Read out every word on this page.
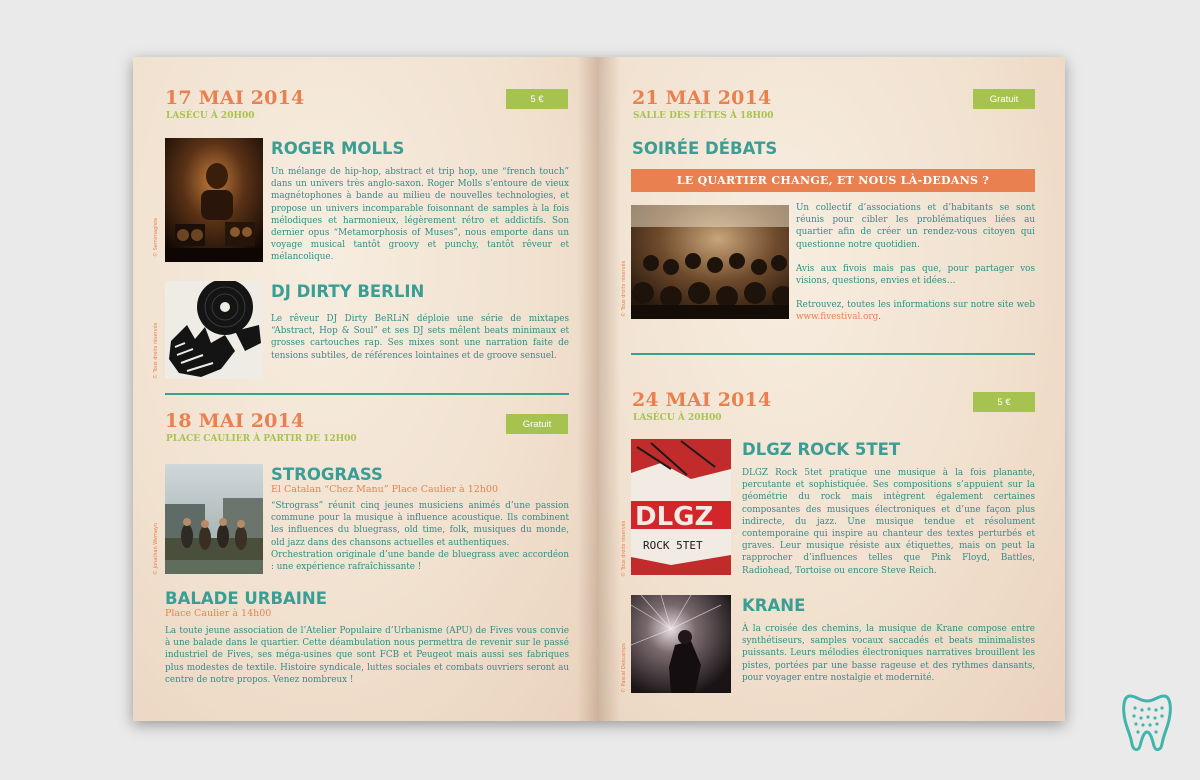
17 MAI 2014
LASÉCU À 20H00
5 €
© Semimagiste
ROGER MOLLS
Un mélange de hip-hop, abstract et trip hop, une “french touch” dans un univers très anglo-saxon. Roger Molls s’entoure de vieux magnétophones à bande au milieu de nouvelles technologies, et propose un univers incomparable foisonnant de samples à la fois mélodiques et harmonieux, légèrement rétro et addictifs. Son dernier opus “Metamorphosis of Muses”, nous emporte dans un voyage musical tantôt groovy et punchy, tantôt rêveur et mélancolique.
© Tous droits réservés
DJ DIRTY BERLIN
Le rêveur DJ Dirty BeRLiN déploie une série de mixtapes “Abstract, Hop & Soul” et ses DJ sets mêlent beats minimaux et grosses cartouches rap. Ses mixes sont une narration faite de tensions subtiles, de références lointaines et de groove sensuel.
18 MAI 2014
PLACE CAULIER À PARTIR DE 12H00
Gratuit
© Jonathan Wemayn
STROGRASS
El Catalan “Chez Manu” Place Caulier à 12h00
“Strograss” réunit cinq jeunes musiciens animés d’une passion commune pour la musique à influence acoustique. Ils combinent les influences du bluegrass, old time, folk, musiques du monde, old jazz dans des chansons actuelles et authentiques.
Orchestration originale d’une bande de bluegrass avec accordéon : une expérience rafraîchissante !
BALADE URBAINE
Place Caulier à 14h00
La toute jeune association de l’Atelier Populaire d’Urbanisme (APU) de Fives vous convie à une balade dans le quartier. Cette déambulation nous permettra de revenir sur le passé industriel de Fives, ses méga-usines que sont FCB et Peugeot mais aussi ses fabriques plus modestes de textile. Histoire syndicale, luttes sociales et combats ouvriers seront au centre de notre propos. Venez nombreux !
21 MAI 2014
SALLE DES FÊTES À 18H00
Gratuit
SOIRÉE DÉBATS
LE QUARTIER CHANGE, ET NOUS LÀ-DEDANS ?
© Tous droits réservés

Un collectif d’associations et d’habitants se sont réunis pour cibler les problématiques liées au quartier afin de créer un rendez-vous citoyen qui questionne notre quotidien.

Avis aux fivois mais pas que, pour partager vos visions, questions, envies et idées…

Retrouvez, toutes les informations sur notre site web www.fivestival.org.

24 MAI 2014
LASÉCU À 20H00
5 €
DLGZ
ROCK 5TET
© Tous droits réservés
DLGZ ROCK 5TET
DLGZ Rock 5tet pratique une musique à la fois planante, percutante et sophistiquée. Ses compositions s’appuient sur la géométrie du rock mais intègrent également certaines composantes des musiques électroniques et d’une façon plus indirecte, du jazz. Une musique tendue et résolument contemporaine qui inspire au chanteur des textes perturbés et graves. Leur musique résiste aux étiquettes, mais on peut la rapprocher d’influences telles que Pink Floyd, Battles, Radiohead, Tortoise ou encore Steve Reich.
© Pascal Descamps
KRANE
À la croisée des chemins, la musique de Krane compose entre synthétiseurs, samples vocaux saccadés et beats minimalistes puissants. Leurs mélodies électroniques narratives brouillent les pistes, portées par une basse rageuse et des rythmes dansants, pour voyager entre nostalgie et modernité.
